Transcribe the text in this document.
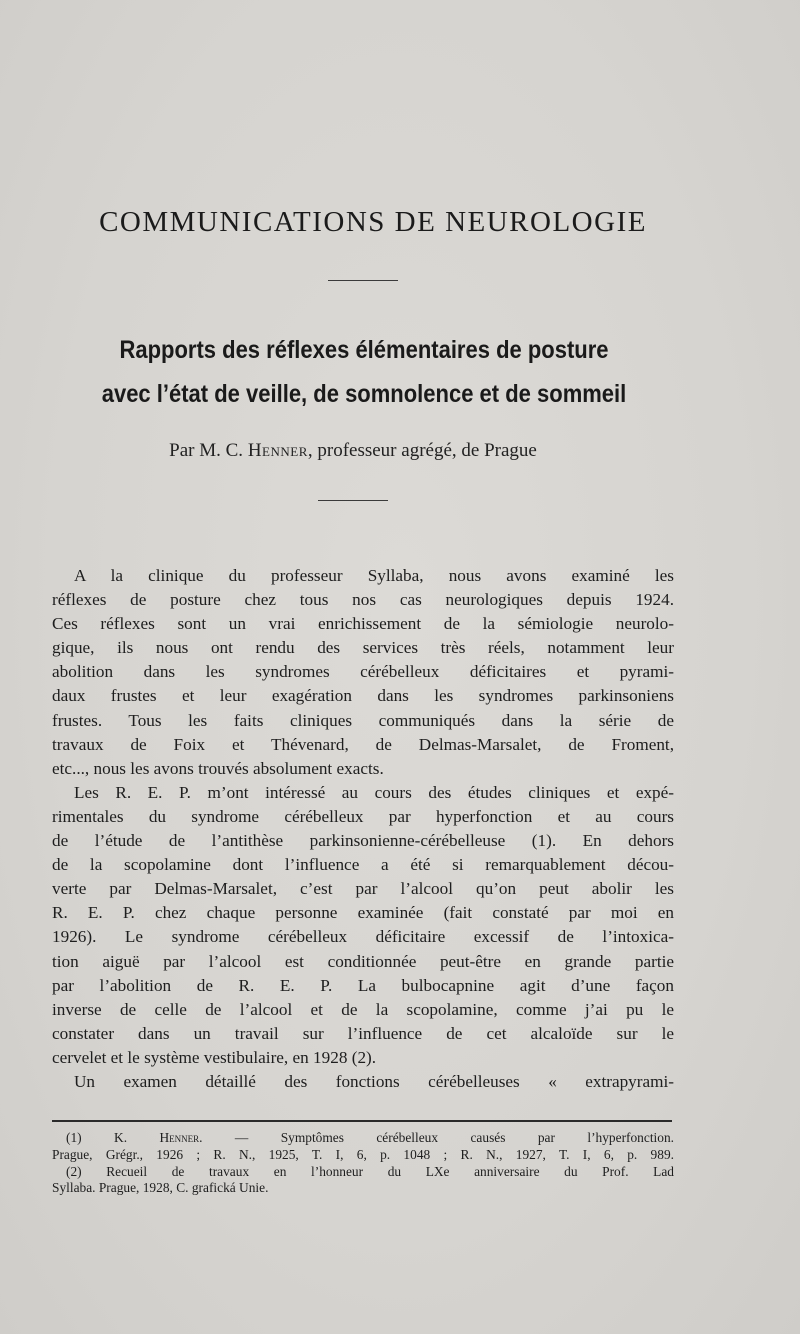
COMMUNICATIONS DE NEUROLOGIE
Rapports des réflexes élémentaires de posture
avec l’état de veille, de somnolence et de sommeil
Par M. C. Henner, professeur agrégé, de Prague
A la clinique du professeur Syllaba, nous avons examiné les
réflexes de posture chez tous nos cas neurologiques depuis 1924.
Ces réflexes sont un vrai enrichissement de la sémiologie neurolo-
gique, ils nous ont rendu des services très réels, notamment leur
abolition dans les syndromes cérébelleux déficitaires et pyrami-
daux frustes et leur exagération dans les syndromes parkinsoniens
frustes. Tous les faits cliniques communiqués dans la série de
travaux de Foix et Thévenard, de Delmas-Marsalet, de Froment,
etc..., nous les avons trouvés absolument exacts.
Les R. E. P. m’ont intéressé au cours des études cliniques et expé-
rimentales du syndrome cérébelleux par hyperfonction et au cours
de l’étude de l’antithèse parkinsonienne-cérébelleuse (1). En dehors
de la scopolamine dont l’influence a été si remarquablement décou-
verte par Delmas-Marsalet, c’est par l’alcool qu’on peut abolir les
R. E. P. chez chaque personne examinée (fait constaté par moi en
1926). Le syndrome cérébelleux déficitaire excessif de l’intoxica-
tion aiguë par l’alcool est conditionnée peut-être en grande partie
par l’abolition de R. E. P. La bulbocapnine agit d’une façon
inverse de celle de l’alcool et de la scopolamine, comme j’ai pu le
constater dans un travail sur l’influence de cet alcaloïde sur le
cervelet et le système vestibulaire, en 1928 (2).
Un examen détaillé des fonctions cérébelleuses « extrapyrami-
(1) K. Henner. — Symptômes cérébelleux causés par l’hyperfonction.
Prague, Grégr., 1926 ; R. N., 1925, T. I, 6, p. 1048 ; R. N., 1927, T. I, 6, p. 989.
(2) Recueil de travaux en l’honneur du LXe anniversaire du Prof. Lad
Syllaba. Prague, 1928, C. grafická Unie.
